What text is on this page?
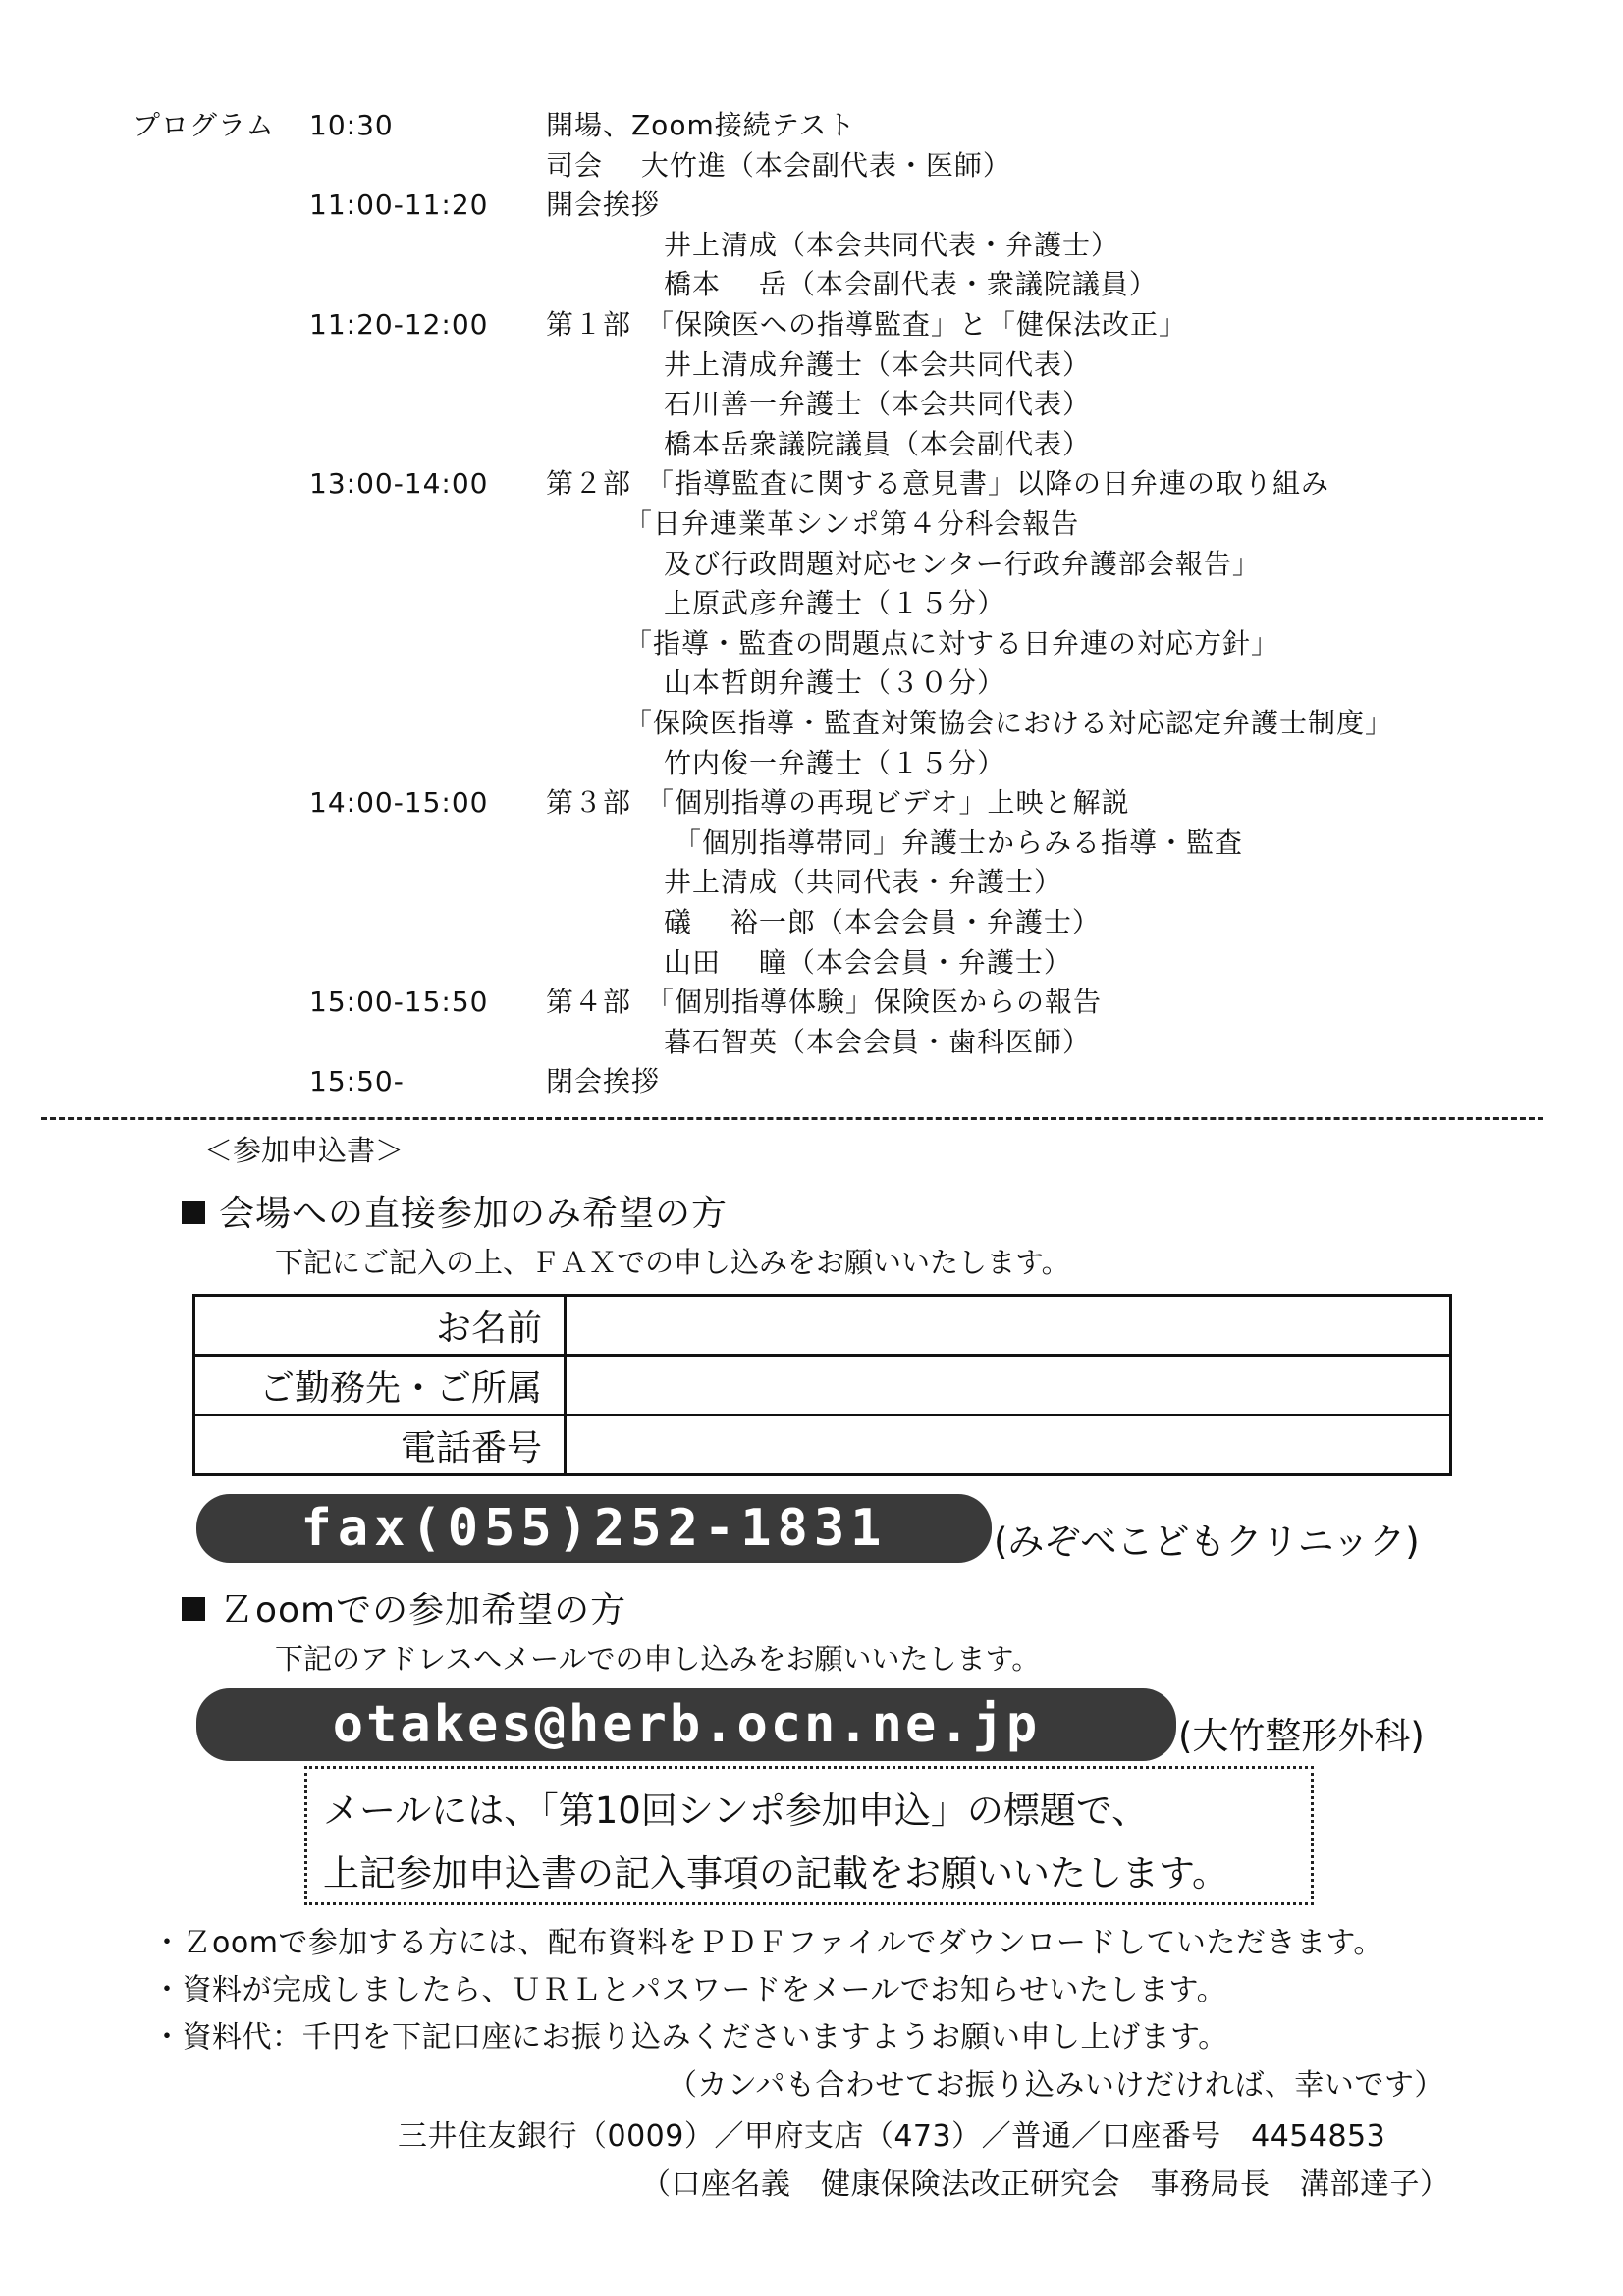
プログラム 10:30	開場、Zoom接続テスト
司会　 大竹進（本会副代表・医師）
11:00-11:20 開会挨拶
井上清成（本会共同代表・弁護士）
橋本　 岳（本会副代表・衆議院議員）
11:20-12:00 第１部　「保険医への指導監査」と「健保法改正」
井上清成弁護士（本会共同代表）
石川善一弁護士（本会共同代表）
橋本岳衆議院議員（本会副代表）
13:00-14:00 第２部　「指導監査に関する意見書」以降の日弁連の取り組み
「日弁連業革シンポ第４分科会報告
及び行政問題対応センター行政弁護部会報告」
上原武彦弁護士（１５分）
「指導・監査の問題点に対する日弁連の対応方針」
山本哲朗弁護士（３０分）
「保険医指導・監査対策協会における対応認定弁護士制度」
竹内俊一弁護士（１５分）
14:00-15:00 第３部　「個別指導の再現ビデオ」上映と解説
「個別指導帯同」弁護士からみる指導・監査
井上清成（共同代表・弁護士）
礒　 裕一郎（本会会員・弁護士）
山田　 瞳（本会会員・弁護士）
15:00-15:50 第４部　「個別指導体験」保険医からの報告
暮石智英（本会会員・歯科医師）
15:50-	閉会挨拶
＜参加申込書＞
会場への直接参加のみ希望の方
下記にご記入の上、ＦＡＸでの申し込みをお願いいたします。
お名前	
ご勤務先・ご所属	
電話番号	
fax(055)252-1831	(みぞべこどもクリニック)
Ｚoomでの参加希望の方
下記のアドレスへメールでの申し込みをお願いいたします。
otakes@herb.ocn.ne.jp	(大竹整形外科)
メールには、「第10回シンポ参加申込」の標題で、
上記参加申込書の記入事項の記載をお願いいたします。
・Ｚoomで参加する方には、配布資料をＰＤＦファイルでダウンロードしていただきます。
・資料が完成しましたら、ＵＲＬとパスワードをメールでお知らせいたします。
・資料代：千円を下記口座にお振り込みくださいますようお願い申し上げます。
（カンパも合わせてお振り込みいけだければ、幸いです）
三井住友銀行（0009）／甲府支店（473）／普通／口座番号　4454853
（口座名義　健康保険法改正研究会　事務局長　溝部達子）
